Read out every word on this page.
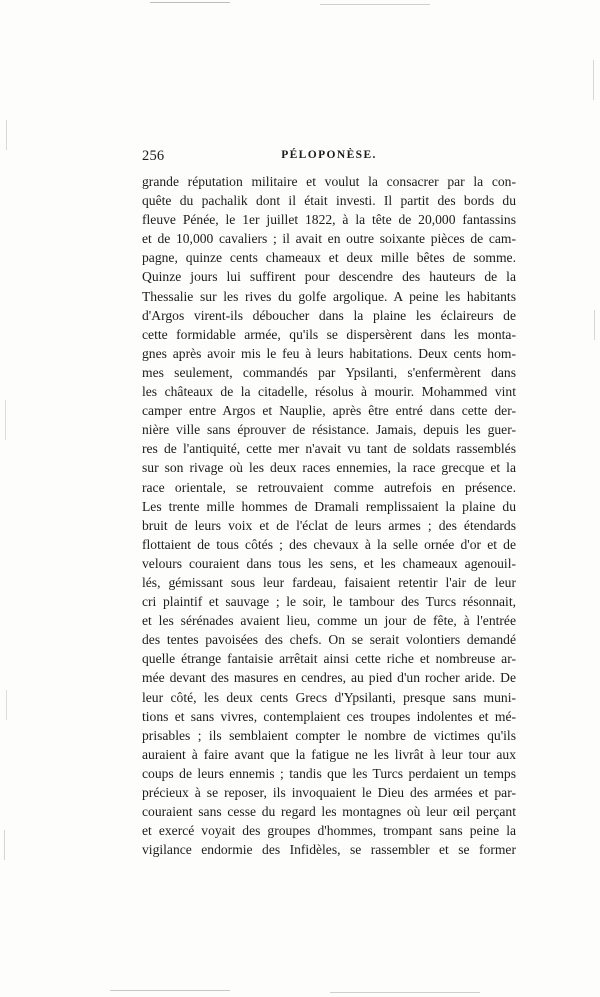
256	PÉLOPONÈSE.
grande réputation militaire et voulut la consacrer par la con-
quête du pachalik dont il était investi. Il partit des bords du
fleuve Pénée, le 1er juillet 1822, à la tête de 20,000 fantassins
et de 10,000 cavaliers ; il avait en outre soixante pièces de cam-
pagne, quinze cents chameaux et deux mille bêtes de somme.
Quinze jours lui suffirent pour descendre des hauteurs de la
Thessalie sur les rives du golfe argolique. A peine les habitants
d'Argos virent-ils déboucher dans la plaine les éclaireurs de
cette formidable armée, qu'ils se dispersèrent dans les monta-
gnes après avoir mis le feu à leurs habitations. Deux cents hom-
mes seulement, commandés par Ypsilanti, s'enfermèrent dans
les châteaux de la citadelle, résolus à mourir. Mohammed vint
camper entre Argos et Nauplie, après être entré dans cette der-
nière ville sans éprouver de résistance. Jamais, depuis les guer-
res de l'antiquité, cette mer n'avait vu tant de soldats rassemblés
sur son rivage où les deux races ennemies, la race grecque et la
race orientale, se retrouvaient comme autrefois en présence.
Les trente mille hommes de Dramali remplissaient la plaine du
bruit de leurs voix et de l'éclat de leurs armes ; des étendards
flottaient de tous côtés ; des chevaux à la selle ornée d'or et de
velours couraient dans tous les sens, et les chameaux agenouil-
lés, gémissant sous leur fardeau, faisaient retentir l'air de leur
cri plaintif et sauvage ; le soir, le tambour des Turcs résonnait,
et les sérénades avaient lieu, comme un jour de fête, à l'entrée
des tentes pavoisées des chefs. On se serait volontiers demandé
quelle étrange fantaisie arrêtait ainsi cette riche et nombreuse ar-
mée devant des masures en cendres, au pied d'un rocher aride. De
leur côté, les deux cents Grecs d'Ypsilanti, presque sans muni-
tions et sans vivres, contemplaient ces troupes indolentes et mé-
prisables ; ils semblaient compter le nombre de victimes qu'ils
auraient à faire avant que la fatigue ne les livrât à leur tour aux
coups de leurs ennemis ; tandis que les Turcs perdaient un temps
précieux à se reposer, ils invoquaient le Dieu des armées et par-
couraient sans cesse du regard les montagnes où leur œil perçant
et exercé voyait des groupes d'hommes, trompant sans peine la
vigilance endormie des Infidèles, se rassembler et se former
